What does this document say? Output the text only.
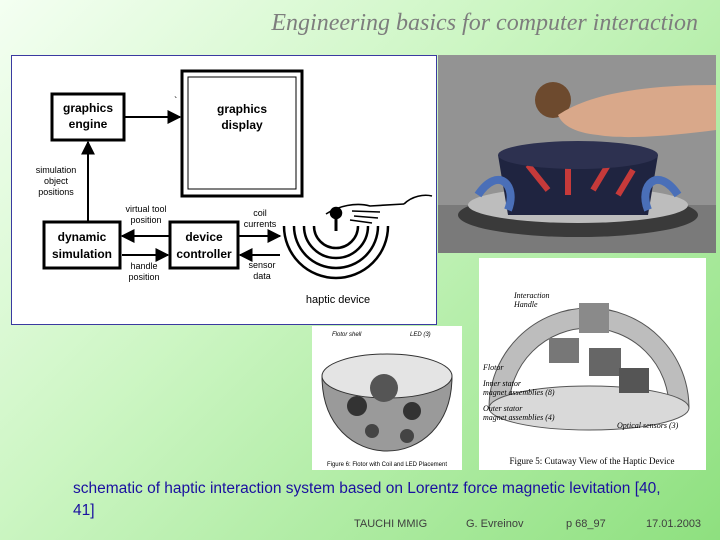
Engineering basics for computer interaction
graphics
engine
graphics
display
`
simulation
object
positions
dynamic
simulation
device
controller
virtual tool
position
handle
position
coil
currents
sensor
data
haptic device	Interaction
Handle
Flotor
Inner stator
magnet assemblies (8)
Outer stator
magnet assemblies (4)
Optical sensors (3)
Figure 5: Cutaway View of the Haptic Device
Flotor shell	LED (3)
Figure 6: Flotor with Coil and LED Placement
schematic of haptic interaction system based on Lorentz force magnetic levitation [40, 41]
TAUCHI MMIG	G. Evreinov	p 68_97	17.01.2003
